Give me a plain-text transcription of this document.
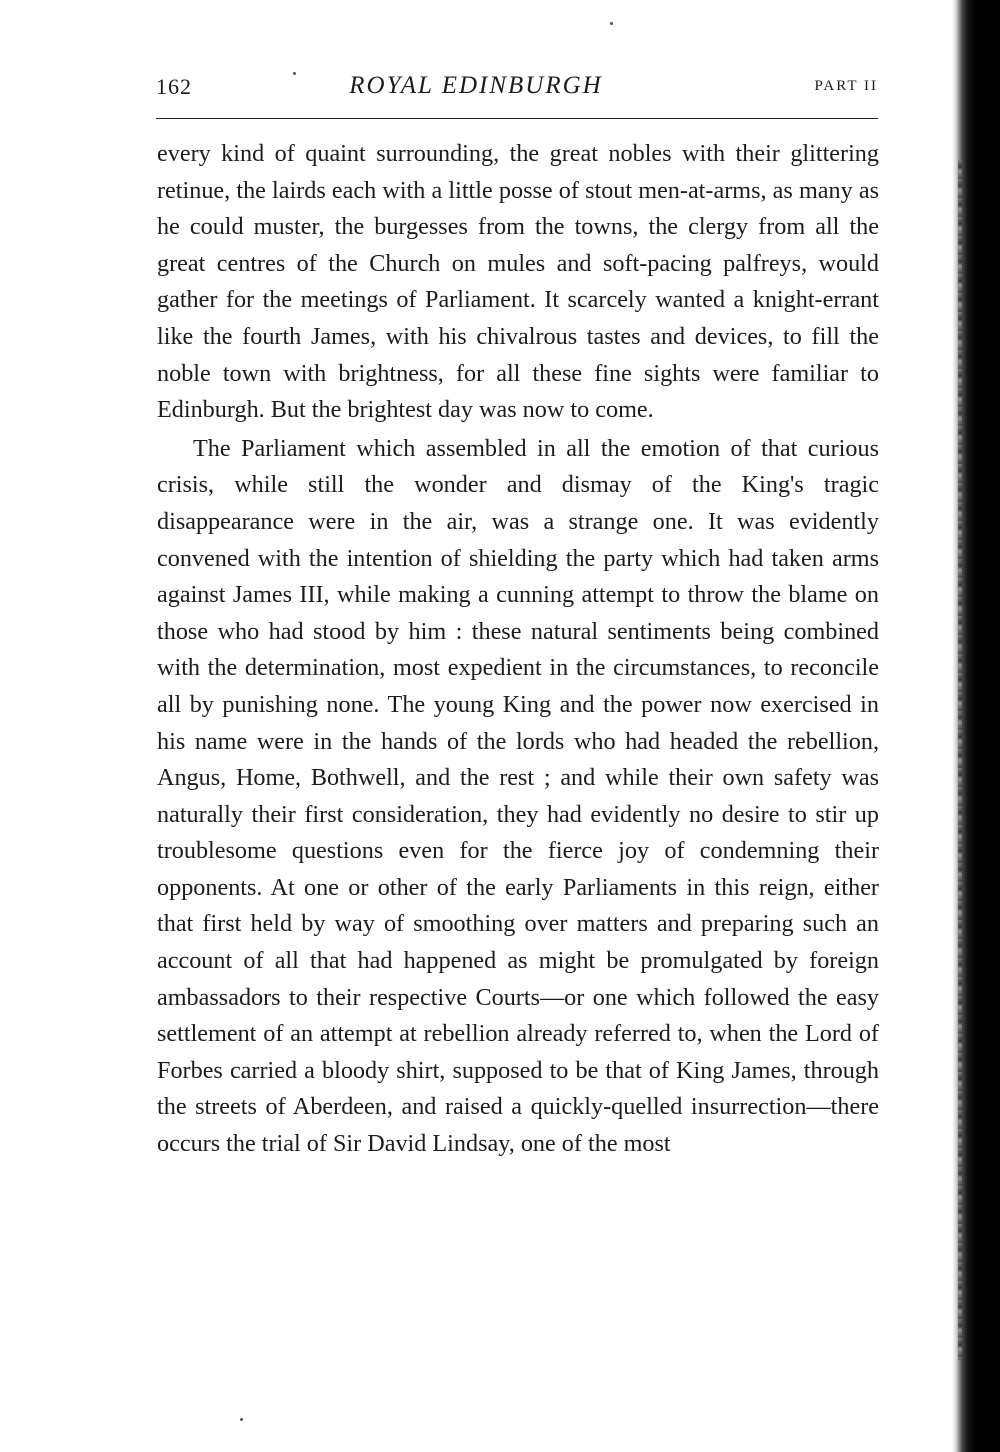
162	ROYAL EDINBURGH	PART II

every kind of quaint surrounding, the great nobles with their glittering retinue, the lairds each with a little posse of stout men-at-arms, as many as he could muster, the burgesses from the towns, the clergy from all the great centres of the Church on mules and soft-pacing palfreys, would gather for the meetings of Parliament. It scarcely wanted a knight-errant like the fourth James, with his chivalrous tastes and devices, to fill the noble town with brightness, for all these fine sights were familiar to Edinburgh. But the brightest day was now to come.

The Parliament which assembled in all the emotion of that curious crisis, while still the wonder and dismay of the King's tragic disappearance were in the air, was a strange one. It was evidently convened with the intention of shielding the party which had taken arms against James III, while making a cunning attempt to throw the blame on those who had stood by him : these natural sentiments being combined with the determination, most expedient in the circumstances, to reconcile all by punishing none. The young King and the power now exercised in his name were in the hands of the lords who had headed the rebellion, Angus, Home, Bothwell, and the rest ; and while their own safety was naturally their first consideration, they had evidently no desire to stir up troublesome questions even for the fierce joy of condemning their opponents. At one or other of the early Parliaments in this reign, either that first held by way of smoothing over matters and preparing such an account of all that had happened as might be promulgated by foreign ambassadors to their respective Courts—or one which followed the easy settlement of an attempt at rebellion already referred to, when the Lord of Forbes carried a bloody shirt, supposed to be that of King James, through the streets of Aberdeen, and raised a quickly-quelled insurrection—there occurs the trial of Sir David Lindsay, one of the most
